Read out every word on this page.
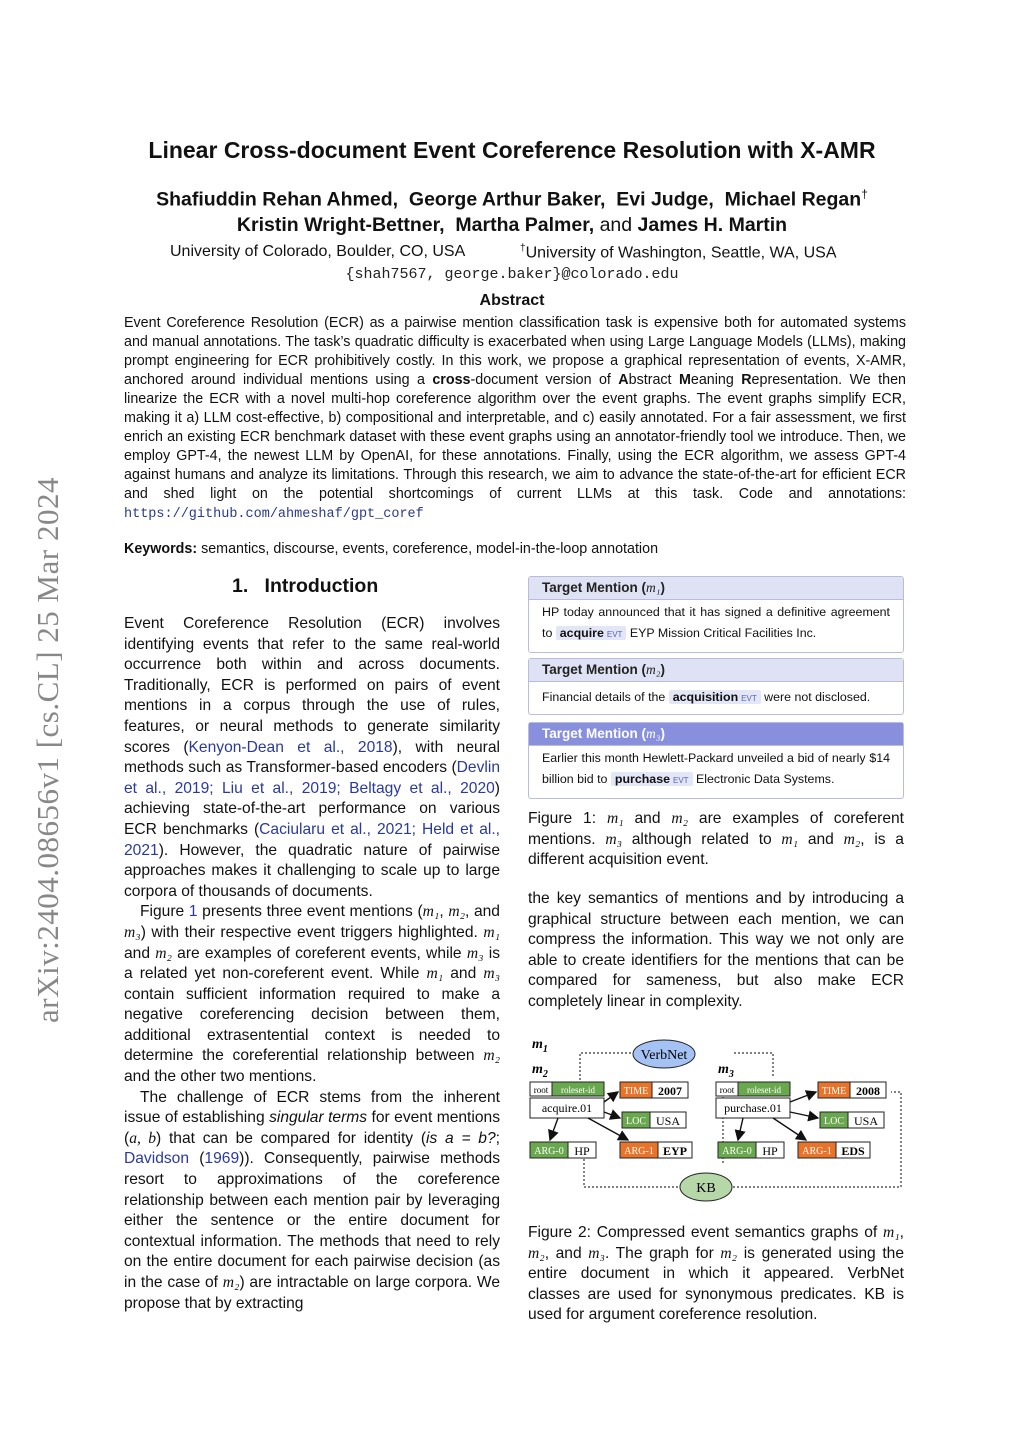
arXiv:2404.08656v1 [cs.CL] 25 Mar 2024
Linear Cross-document Event Coreference Resolution with X-AMR
Shafiuddin Rehan Ahmed, George Arthur Baker, Evi Judge, Michael Regan†
Kristin Wright-Bettner, Martha Palmer, and James H. Martin
University of Colorado, Boulder, CO, USA	†University of Washington, Seattle, WA, USA
{shah7567, george.baker}@colorado.edu
Abstract
Event Coreference Resolution (ECR) as a pairwise mention classification task is expensive both for automated systems and manual annotations. The task’s quadratic difficulty is exacerbated when using Large Language Models (LLMs), making prompt engineering for ECR prohibitively costly. In this work, we propose a graphical representation of events, X-AMR, anchored around individual mentions using a cross-document version of Abstract Meaning Representation. We then linearize the ECR with a novel multi-hop coreference algorithm over the event graphs. The event graphs simplify ECR, making it a) LLM cost-effective, b) compositional and interpretable, and c) easily annotated. For a fair assessment, we first enrich an existing ECR benchmark dataset with these event graphs using an annotator-friendly tool we introduce. Then, we employ GPT-4, the newest LLM by OpenAI, for these annotations. Finally, using the ECR algorithm, we assess GPT-4 against humans and analyze its limitations. Through this research, we aim to advance the state-of-the-art for efficient ECR and shed light on the potential shortcomings of current LLMs at this task. Code and annotations: https://github.com/ahmeshaf/gpt_coref
Keywords: semantics, discourse, events, coreference, model-in-the-loop annotation
1. Introduction

Event Coreference Resolution (ECR) involves identifying events that refer to the same real-world occurrence both within and across documents. Traditionally, ECR is performed on pairs of event mentions in a corpus through the use of rules, features, or neural methods to generate similarity scores (Kenyon-Dean et al., 2018), with neural methods such as Transformer-based encoders (Devlin et al., 2019; Liu et al., 2019; Beltagy et al., 2020) achieving state-of-the-art performance on various ECR benchmarks (Caciularu et al., 2021; Held et al., 2021). However, the quadratic nature of pairwise approaches makes it challenging to scale up to large corpora of thousands of documents.

Figure 1 presents three event mentions (m₁, m₂, and m₃) with their respective event triggers highlighted. m₁ and m₂ are examples of coreferent events, while m₃ is a related yet non-coreferent event. While m₁ and m₃ contain sufficient information required to make a negative coreferencing decision between them, additional extrasentential context is needed to determine the coreferential relationship between m₂ and the other two mentions.

The challenge of ECR stems from the inherent issue of establishing singular terms for event mentions (a, b) that can be compared for identity (is a = b?; Davidson (1969)). Consequently, pairwise methods resort to approximations of the coreference relationship between each mention pair by leveraging either the sentence or the entire document for contextual information. The methods that need to rely on the entire document for each pairwise decision (as in the case of m₂) are intractable on large corpora. We propose that by extracting

Target Mention (m₁)
HP today announced that it has signed a definitive agreement to acquire EVT EYP Mission Critical Facilities Inc.
Target Mention (m₂)
Financial details of the acquisition EVT were not disclosed.
Target Mention (m₃)
Earlier this month Hewlett-Packard unveiled a bid of nearly $14 billion bid to purchase EVT Electronic Data Systems.
Figure 1: m₁ and m₂ are examples of coreferent mentions. m₃ although related to m₁ and m₂, is a different acquisition event.
the key semantics of mentions and by introducing a graphical structure between each mention, we can compress the information. This way we not only are able to create identifiers for the mentions that can be compared for sameness, but also make ECR completely linear in complexity.
VerbNet
KB
$m_1$
$m_2$	$m_3$
root roleset-id
acquire.01
TIME 2007
LOC USA
ARG-0 HP	ARG-1 EYP
root roleset-id
purchase.01
TIME 2008
LOC USA
ARG-0 HP ARG-1 EDS
Figure 2: Compressed event semantics graphs of m₁, m₂, and m₃. The graph for m₂ is generated using the entire document in which it appeared. VerbNet classes are used for synonymous predicates. KB is used for argument coreference resolution.
